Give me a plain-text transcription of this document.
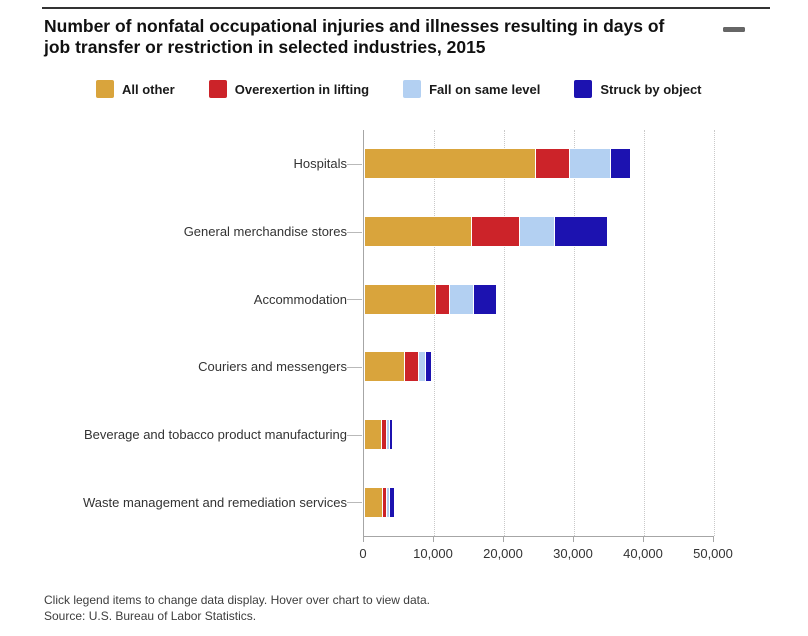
Number of nonfatal occupational injuries and illnesses resulting in days of job transfer or restriction in selected industries, 2015
All other	Overexertion in lifting	Fall on same level	Struck by object
Hospitals
General merchandise stores
Accommodation
Couriers and messengers
Beverage and tobacco product manufacturing
Waste management and remediation services
0	10,000	20,000	30,000	40,000	50,000
Click legend items to change data display. Hover over chart to view data.
Source: U.S. Bureau of Labor Statistics.
